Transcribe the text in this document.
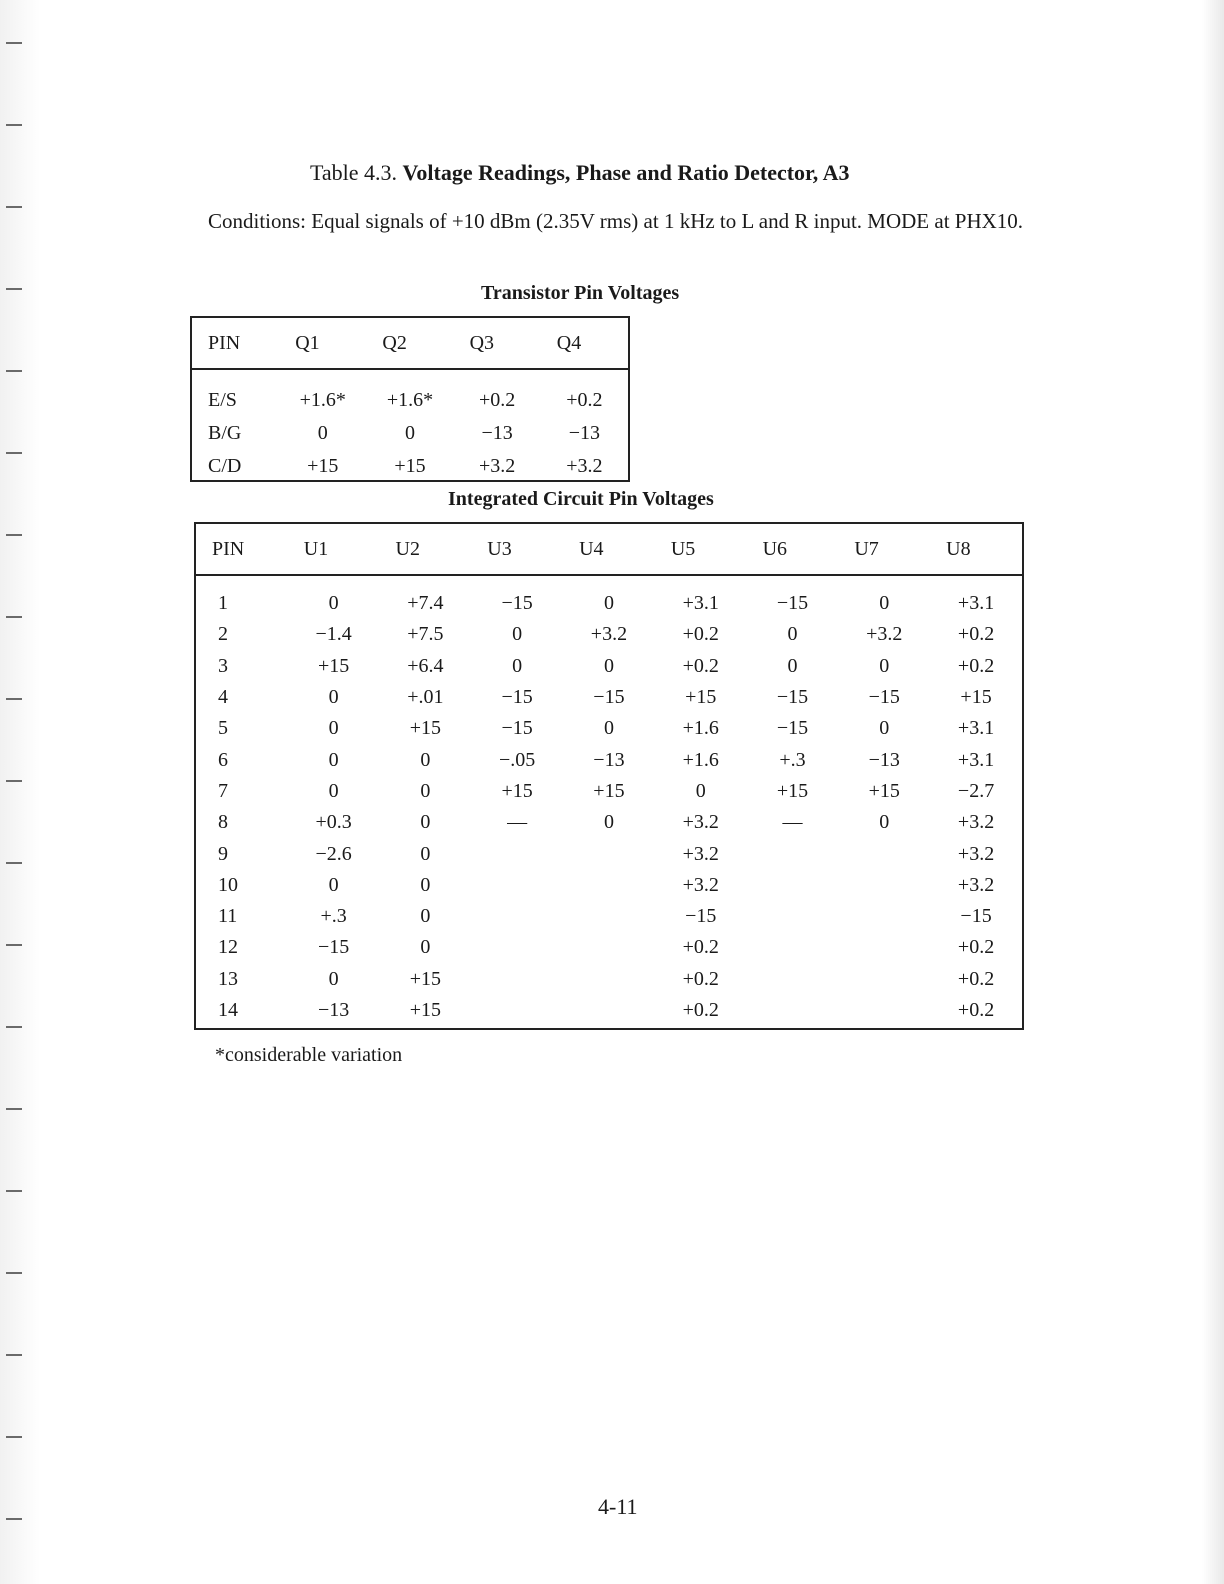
Table 4.3. Voltage Readings, Phase and Ratio Detector, A3
Conditions: Equal signals of +10 dBm (2.35V rms) at 1 kHz to L and R input. MODE at PHX10.
Transistor Pin Voltages
PIN	Q1	Q2	Q3	Q4
E/S	+1.6*	+1.6*	+0.2	+0.2
B/G	0	0	−13	−13
C/D	+15	+15	+3.2	+3.2
Integrated Circuit Pin Voltages
PIN	U1	U2	U3	U4	U5	U6	U7	U8
1	0	+7.4	−15	0	+3.1	−15	0	+3.1
2	−1.4	+7.5	0	+3.2	+0.2	0	+3.2	+0.2
3	+15	+6.4	0	0	+0.2	0	0	+0.2
4	0	+.01	−15	−15	+15	−15	−15	+15
5	0	+15	−15	0	+1.6	−15	0	+3.1
6	0	0	−.05	−13	+1.6	+.3	−13	+3.1
7	0	0	+15	+15	0	+15	+15	−2.7
8	+0.3	0	—	0	+3.2	—	0	+3.2
9	−2.6	0			+3.2			+3.2
10	0	0			+3.2			+3.2
11	+.3	0			−15			−15
12	−15	0			+0.2			+0.2
13	0	+15			+0.2			+0.2
14	−13	+15			+0.2			+0.2
*considerable variation
4-11
